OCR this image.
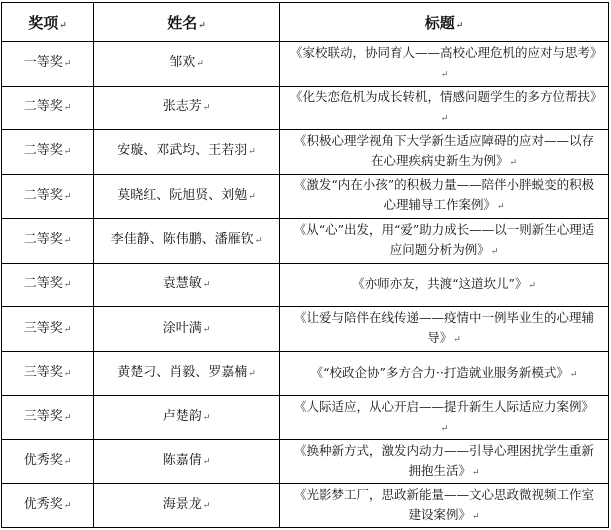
奖项↵	姓名↵	标题↵
一等奖↵	邹欢↵	《家校联动，协同育人——高校心理危机的应对与思考》↵
二等奖↵	张志芳↵	《化失恋危机为成长转机，情感问题学生的多方位帮扶》↵
二等奖↵	安璇、邓武均、王若羽↵	《积极心理学视角下大学新生适应障碍的应对——以存在心理疾病史新生为例》↵
二等奖↵	莫晓红、阮旭贤、刘勉↵	《激发“内在小孩”的积极力量——陪伴小胖蜕变的积极心理辅导工作案例》↵
二等奖↵	李佳静、陈伟鹏、潘雁钦↵	《从“心”出发，用“爱”助力成长——以一则新生心理适应问题分析为例》↵
二等奖↵	袁慧敏↵	《亦师亦友，共渡“这道坎儿”》↵
三等奖↵	涂叶满↵	《让爱与陪伴在线传递——疫情中一例毕业生的心理辅导》↵
三等奖↵	黄楚刁、肖毅、罗嘉楠↵	《“校政企协”多方合力··打造就业服务新模式》↵
三等奖↵	卢楚韵↵	《人际适应，从心开启——提升新生人际适应力案例》↵
优秀奖↵	陈嘉倩↵	《换种新方式，激发内动力——引导心理困扰学生重新拥抱生活》↵
优秀奖↵	海景龙↵	《光影梦工厂，思政新能量——文心思政微视频工作室建设案例》↵
